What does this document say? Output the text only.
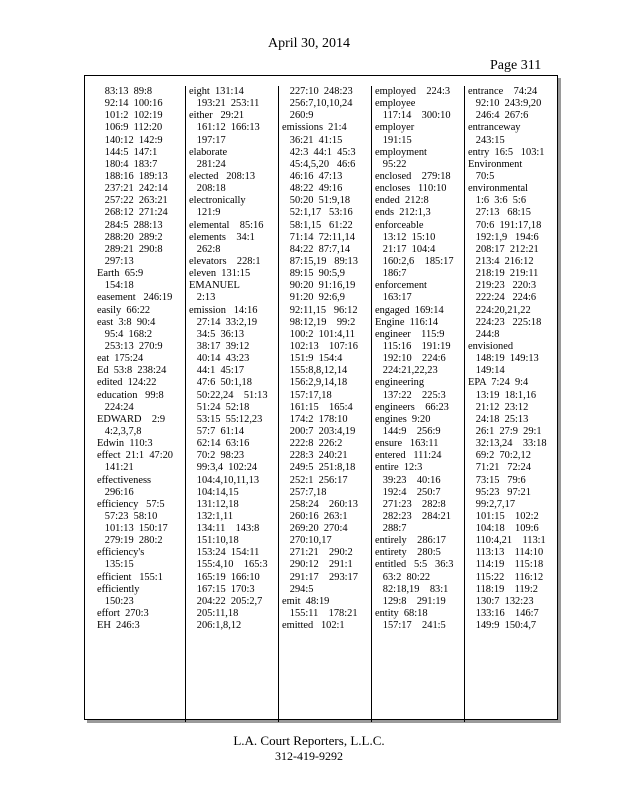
April 30, 2014
Page 311
83:13  89:8
92:14  100:16
101:2  102:19
106:9  112:20
140:12  142:9
144:5  147:1
180:4  183:7
188:16  189:13
237:21  242:14
257:22  263:21
268:12  271:24
284:5  288:13
288:20  289:2
289:21  290:8
297:13
Earth  65:9
154:18
easement   246:19
easily  66:22
east  3:8  90:4
95:4  168:2
253:13  270:9
eat  175:24
Ed  53:8  238:24
edited  124:22
education   99:8
224:24
EDWARD    2:9
4:2,3,7,8
Edwin  110:3
effect  21:1  47:20
141:21
effectiveness
296:16
efficiency   57:5
57:23  58:10
101:13  150:17
279:19  280:2
efficiency's
135:15
efficient   155:1
efficiently
150:23
effort  270:3
EH  246:3
eight  131:14
193:21  253:11
either   29:21
161:12  166:13
197:17
elaborate
281:24
elected   208:13
208:18
electronically
121:9
elemental    85:16
elements    34:1
262:8
elevators    228:1
eleven  131:15
EMANUEL
2:13
emission   14:16
27:14  33:2,19
34:5  36:13
38:17  39:12
40:14  43:23
44:1  45:17
47:6  50:1,18
50:22,24    51:13
51:24  52:18
53:15  55:12,23
57:7  61:14
62:14  63:16
70:2  98:23
99:3,4  102:24
104:4,10,11,13
104:14,15
131:12,18
132:1,11
134:11    143:8
151:10,18
153:24  154:11
155:4,10    165:3
165:19  166:10
167:15  170:3
204:22  205:2,7
205:11,18
206:1,8,12
227:10  248:23
256:7,10,10,24
260:9
emissions  21:4
36:21  41:15
42:3  44:1  45:3
45:4,5,20   46:6
46:16  47:13
48:22  49:16
50:20  51:9,18
52:1,17   53:16
58:1,15   61:22
71:14  72:11,14
84:22  87:7,14
87:15,19   89:13
89:15  90:5,9
90:20  91:16,19
91:20  92:6,9
92:11,15   96:12
98:12,19    99:2
100:2  101:4,11
102:13    107:16
151:9  154:4
155:8,8,12,14
156:2,9,14,18
157:17,18
161:15    165:4
174:2  178:10
200:7  203:4,19
222:8  226:2
228:3  240:21
249:5  251:8,18
252:1  256:17
257:7,18
258:24    260:13
260:16  263:1
269:20  270:4
270:10,17
271:21    290:2
290:12    291:1
291:17    293:17
294:5
emit  48:19
155:11    178:21
emitted   102:1
employed    224:3
employee
117:14    300:10
employer
191:15
employment
95:22
enclosed    279:18
encloses   110:10
ended  212:8
ends  212:1,3
enforceable
13:12  15:10
21:17  104:4
160:2,6    185:17
186:7
enforcement
163:17
engaged  169:14
Engine  116:14
engineer    115:9
115:16    191:19
192:10    224:6
224:21,22,23
engineering
137:22    225:3
engineers    66:23
engines  9:20
144:9    256:9
ensure   163:11
entered   111:24
entire  12:3
39:23    40:16
192:4    250:7
271:23    282:8
282:23    284:21
288:7
entirely    286:17
entirety    280:5
entitled   5:5   36:3
63:2  80:22
82:18,19    83:1
129:8    291:19
entity  68:18
157:17    241:5
entrance    74:24
92:10  243:9,20
246:4  267:6
entranceway
243:15
entry  16:5   103:1
Environment
70:5
environmental
1:6  3:6  5:6
27:13   68:15
70:6  191:17,18
192:1,9   194:6
208:17  212:21
213:4  216:12
218:19  219:11
219:23   220:3
222:24   224:6
224:20,21,22
224:23   225:18
244:8
envisioned
148:19  149:13
149:14
EPA  7:24  9:4
13:19  18:1,16
21:12  23:12
24:18  25:13
26:1  27:9  29:1
32:13,24    33:18
69:2  70:2,12
71:21   72:24
73:15   79:6
95:23   97:21
99:2,7,17
101:15    102:2
104:18    109:6
110:4,21    113:1
113:13    114:10
114:19    115:18
115:22    116:12
118:19    119:2
130:7  132:23
133:16    146:7
149:9  150:4,7
L.A. Court Reporters, L.L.C.
312-419-9292
